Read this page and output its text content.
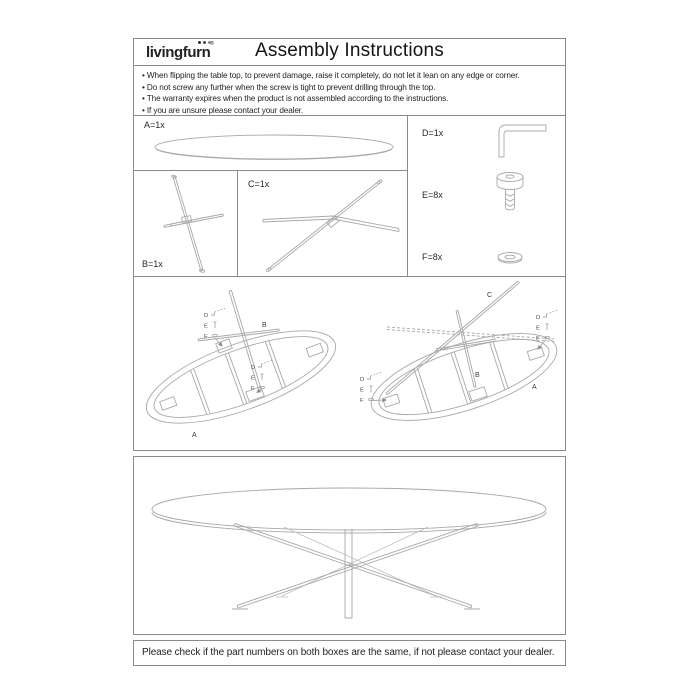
livingfurn®	Assembly Instructions
• When flipping the table top, to prevent damage, raise it completely, do not let it lean on any edge or corner.
• Do not screw any further when the screw is tight to prevent drilling through the top.
• The warranty expires when the product is not assembled according to the instructions.
• If you are unsure please contact your dealer.
A=1x
B=1x
C=1x
D=1x
E=8x
F=8x
B
A
D
E
F
D
E
F
C
B
A
D
E
F
D
E
F
Please check if the part numbers on both boxes are the same, if not please contact your dealer.
